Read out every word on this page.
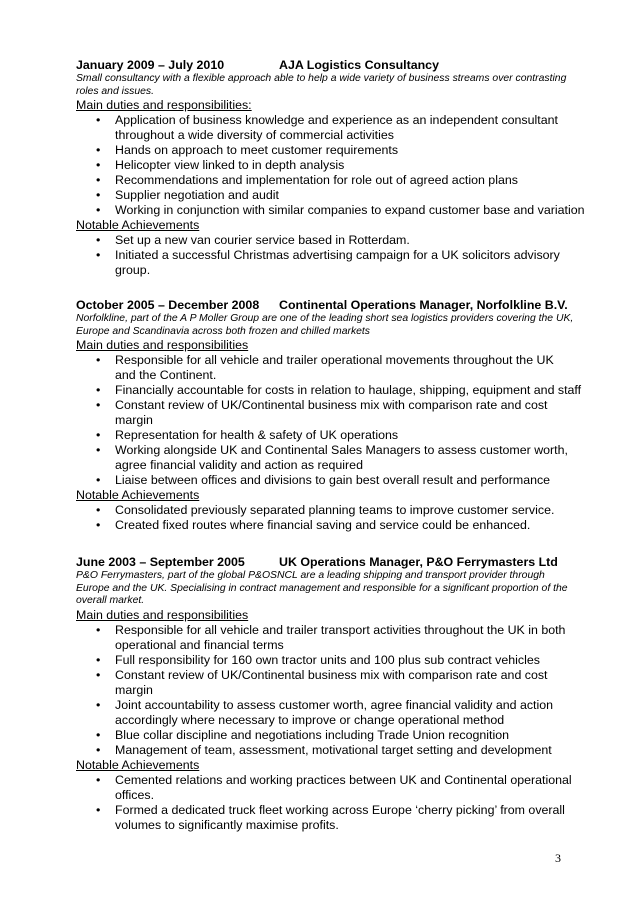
January 2009 – July 2010	AJA Logistics Consultancy
Small consultancy with a flexible approach able to help a wide variety of business streams over contrasting roles and issues.
Main duties and responsibilities:
• Application of business knowledge and experience as an independent consultant throughout a wide diversity of commercial activities
• Hands on approach to meet customer requirements
• Helicopter view linked to in depth analysis
• Recommendations and implementation for role out of agreed action plans
• Supplier negotiation and audit
• Working in conjunction with similar companies to expand customer base and variation
Notable Achievements
• Set up a new van courier service based in Rotterdam.
• Initiated a successful Christmas advertising campaign for a UK solicitors advisory group.
October 2005 – December 2008 Continental Operations Manager, Norfolkline B.V.
Norfolkline, part of the A P Moller Group are one of the leading short sea logistics providers covering the UK, Europe and Scandinavia across both frozen and chilled markets
Main duties and responsibilities
• Responsible for all vehicle and trailer operational movements throughout the UK and the Continent.
• Financially accountable for costs in relation to haulage, shipping, equipment and staff
• Constant review of UK/Continental business mix with comparison rate and cost margin
• Representation for health & safety of UK operations
• Working alongside UK and Continental Sales Managers to assess customer worth, agree financial validity and action as required
• Liaise between offices and divisions to gain best overall result and performance
Notable Achievements
• Consolidated previously separated planning teams to improve customer service.
• Created fixed routes where financial saving and service could be enhanced.
June 2003 – September 2005	UK Operations Manager, P&O Ferrymasters Ltd
P&O Ferrymasters, part of the global P&OSNCL are a leading shipping and transport provider through Europe and the UK. Specialising in contract management and responsible for a significant proportion of the overall market.
Main duties and responsibilities
• Responsible for all vehicle and trailer transport activities throughout the UK in both operational and financial terms
• Full responsibility for 160 own tractor units and 100 plus sub contract vehicles
• Constant review of UK/Continental business mix with comparison rate and cost margin
• Joint accountability to assess customer worth, agree financial validity and action accordingly where necessary to improve or change operational method
• Blue collar discipline and negotiations including Trade Union recognition
• Management of team, assessment, motivational target setting and development
Notable Achievements
• Cemented relations and working practices between UK and Continental operational offices.
• Formed a dedicated truck fleet working across Europe ‘cherry picking’ from overall volumes to significantly maximise profits.
3
